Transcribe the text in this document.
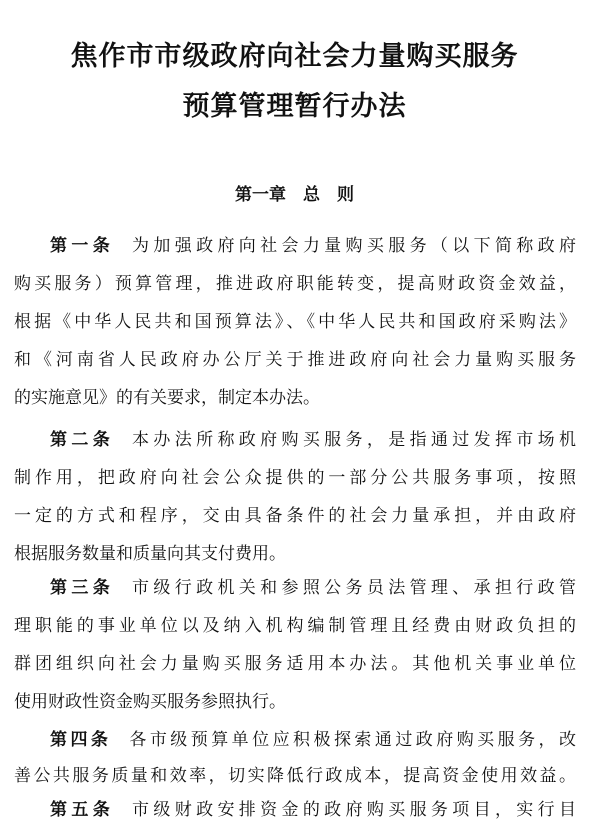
焦作市市级政府向社会力量购买服务
预算管理暂行办法
第一章　总　则
第一条 为加强政府向社会力量购买服务（以下简称政府
购买服务）预算管理，推进政府职能转变，提高财政资金效益，
根据《中华人民共和国预算法》、《中华人民共和国政府采购法》
和《河南省人民政府办公厅关于推进政府向社会力量购买服务
的实施意见》的有关要求，制定本办法。
第二条 本办法所称政府购买服务，是指通过发挥市场机
制作用，把政府向社会公众提供的一部分公共服务事项，按照
一定的方式和程序，交由具备条件的社会力量承担，并由政府
根据服务数量和质量向其支付费用。
第三条 市级行政机关和参照公务员法管理、承担行政管
理职能的事业单位以及纳入机构编制管理且经费由财政负担的
群团组织向社会力量购买服务适用本办法。其他机关事业单位
使用财政性资金购买服务参照执行。
第四条 各市级预算单位应积极探索通过政府购买服务，改
善公共服务质量和效率，切实降低行政成本，提高资金使用效益。
第五条 市级财政安排资金的政府购买服务项目，实行目
